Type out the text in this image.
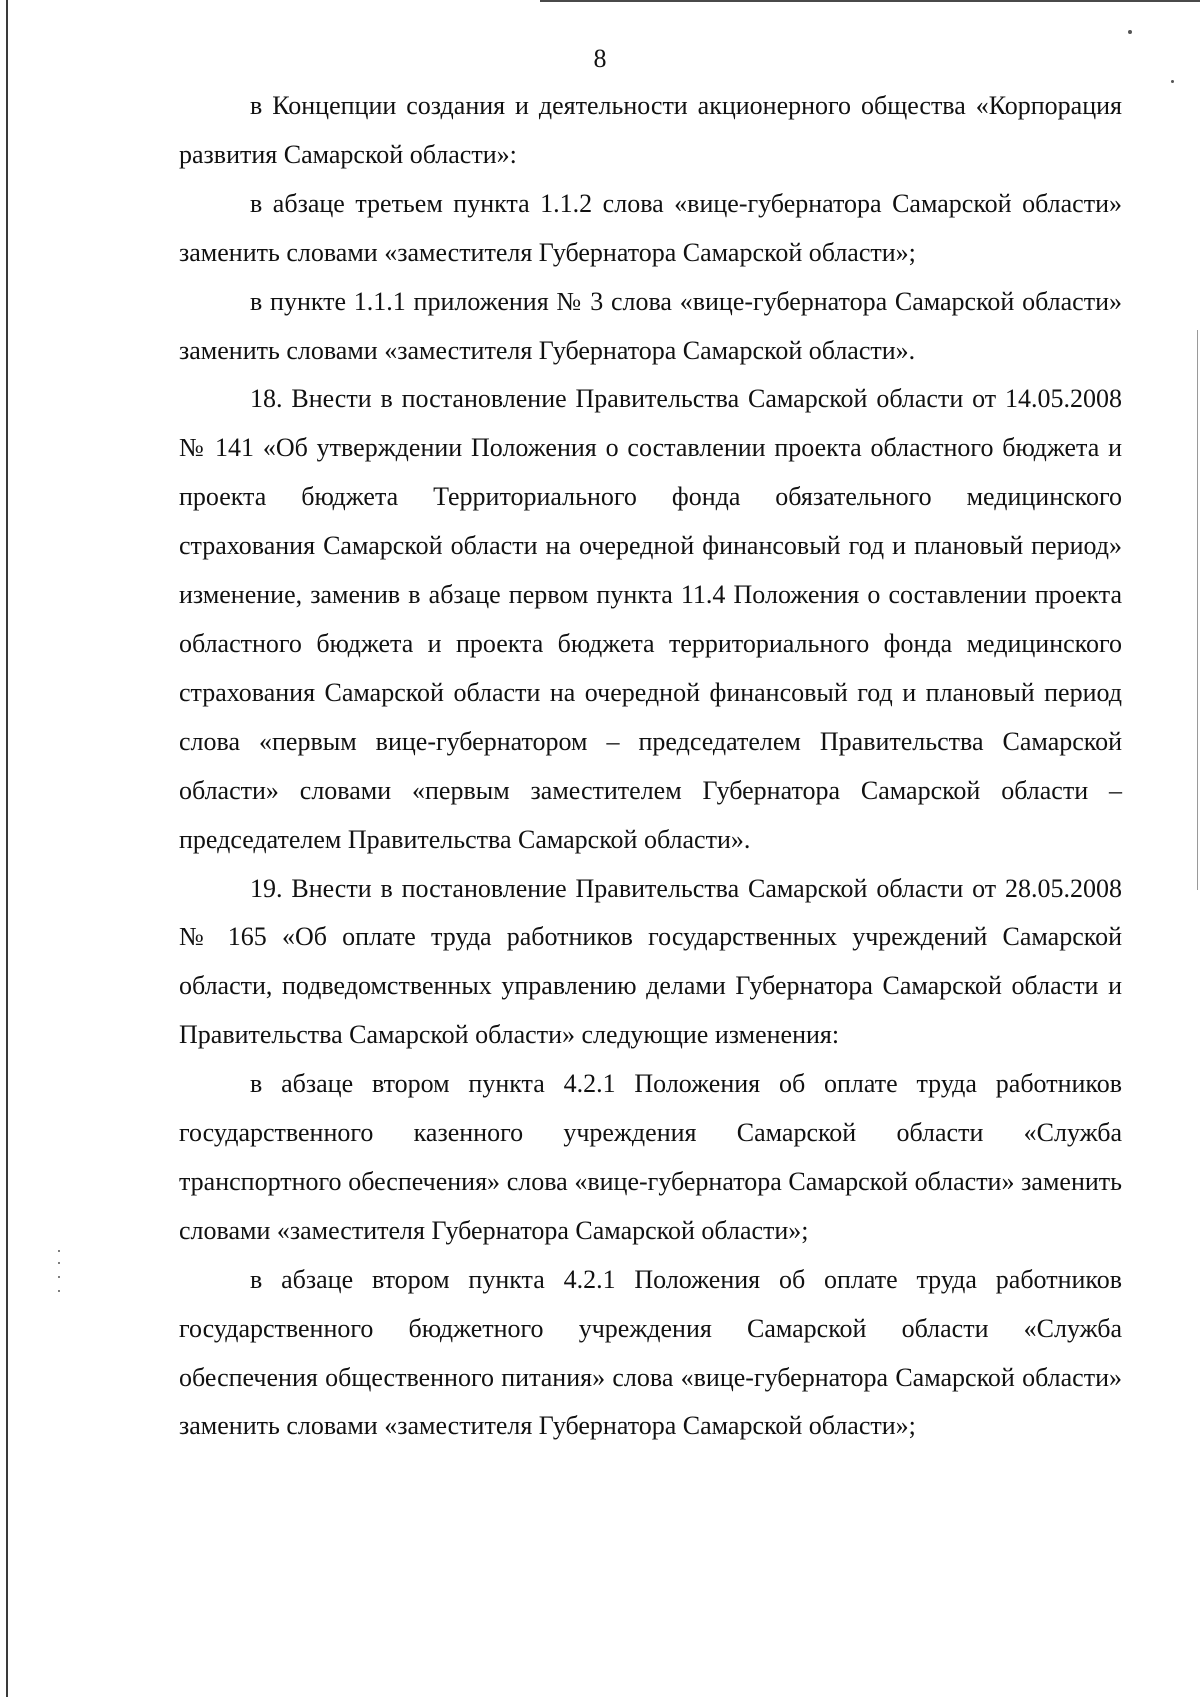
8

в Концепции создания и деятельности акционерного общества «Корпорация развития Самарской области»:

в абзаце третьем пункта 1.1.2 слова «вице-губернатора Самарской области» заменить словами «заместителя Губернатора Самарской области»;

в пункте 1.1.1 приложения № 3 слова «вице-губернатора Самарской области» заменить словами «заместителя Губернатора Самарской области».

18. Внести в постановление Правительства Самарской области от 14.05.2008 № 141 «Об утверждении Положения о составлении проекта областного бюджета и проекта бюджета Территориального фонда обязательного медицинского страхования Самарской области на очередной финансовый год и плановый период» изменение, заменив в абзаце первом пункта 11.4 Положения о составлении проекта областного бюджета и проекта бюджета территориального фонда медицинского страхования Самарской области на очередной финансовый год и плановый период слова «первым вице-губернатором – председателем Правительства Самарской области» словами «первым заместителем Губернатора Самарской области – председателем Правительства Самарской области».

19. Внести в постановление Правительства Самарской области от 28.05.2008 № 165 «Об оплате труда работников государственных учреждений Самарской области, подведомственных управлению делами Губернатора Самарской области и Правительства Самарской области» следующие изменения:

в абзаце втором пункта 4.2.1 Положения об оплате труда работников государственного казенного учреждения Самарской области «Служба транспортного обеспечения» слова «вице-губернатора Самарской области» заменить словами «заместителя Губернатора Самарской области»;

в абзаце втором пункта 4.2.1 Положения об оплате труда работников государственного бюджетного учреждения Самарской области «Служба обеспечения общественного питания» слова «вице-губернатора Самарской области» заменить словами «заместителя Губернатора Самарской области»;
